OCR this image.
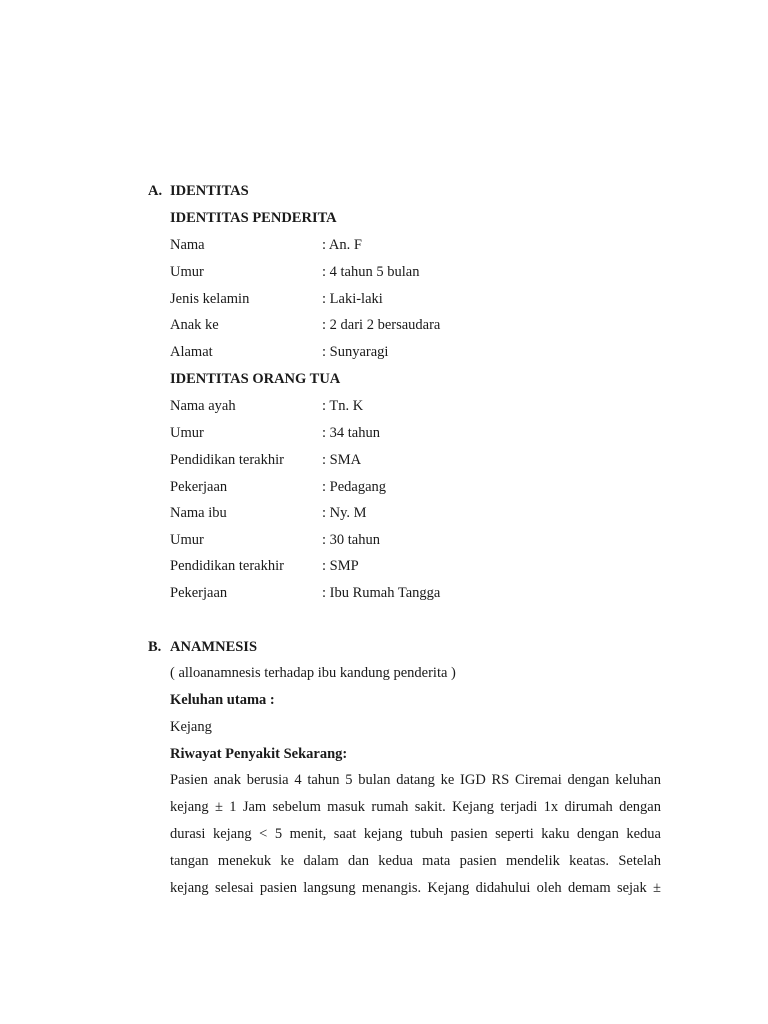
A. IDENTITAS
IDENTITAS PENDERITA
Nama	: An. F
Umur	: 4 tahun 5 bulan
Jenis kelamin	: Laki-laki
Anak ke	: 2 dari 2 bersaudara
Alamat	: Sunyaragi
IDENTITAS ORANG TUA
Nama ayah	: Tn. K
Umur	: 34 tahun
Pendidikan terakhir	: SMA
Pekerjaan	: Pedagang
Nama ibu	: Ny. M
Umur	: 30 tahun
Pendidikan terakhir	: SMP
Pekerjaan	: Ibu Rumah Tangga
B. ANAMNESIS
( alloanamnesis terhadap ibu kandung penderita )
Keluhan utama :
Kejang
Riwayat Penyakit Sekarang:
Pasien anak berusia 4 tahun 5 bulan datang ke IGD RS Ciremai dengan keluhan
kejang ± 1 Jam sebelum masuk rumah sakit. Kejang terjadi 1x dirumah dengan
durasi kejang < 5 menit, saat kejang tubuh pasien seperti kaku dengan kedua
tangan menekuk ke dalam dan kedua mata pasien mendelik keatas. Setelah
kejang selesai pasien langsung menangis. Kejang didahului oleh demam sejak ±
